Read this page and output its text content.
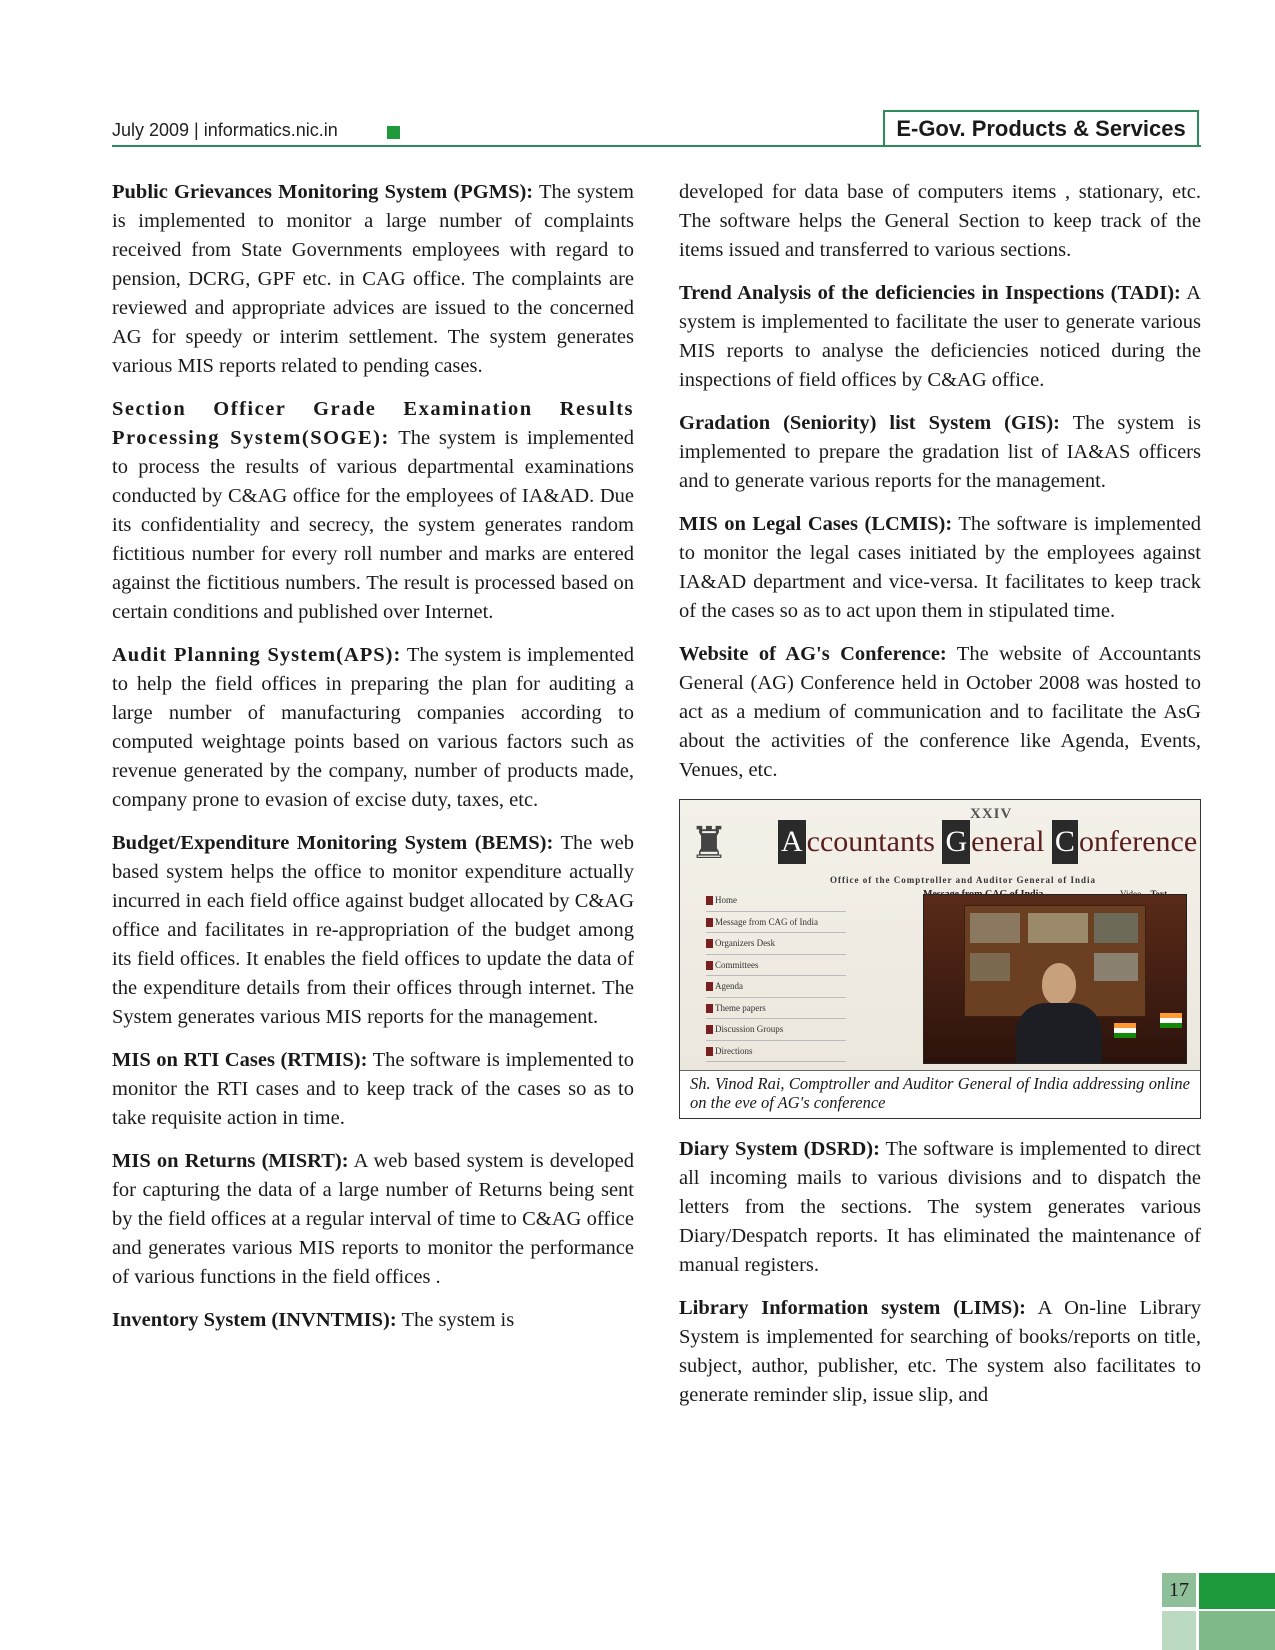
July 2009 | informatics.nic.in	E-Gov. Products & Services

Public Grievances Monitoring System (PGMS): The system is implemented to monitor a large number of complaints received from State Governments employees with regard to pension, DCRG, GPF etc. in CAG office. The complaints are reviewed and appropriate advices are issued to the concerned AG for speedy or interim settlement. The system generates various MIS reports related to pending cases.

Section Officer Grade Examination Results Processing System(SOGE): The system is implemented to process the results of various departmental examinations conducted by C&AG office for the employees of IA&AD. Due its confidentiality and secrecy, the system generates random fictitious number for every roll number and marks are entered against the fictitious numbers. The result is processed based on certain conditions and published over Internet.

Audit Planning System(APS): The system is implemented to help the field offices in preparing the plan for auditing a large number of manufacturing companies according to computed weightage points based on various factors such as revenue generated by the company, number of products made, company prone to evasion of excise duty, taxes, etc.

Budget/Expenditure Monitoring System (BEMS): The web based system helps the office to monitor expenditure actually incurred in each field office against budget allocated by C&AG office and facilitates in re-appropriation of the budget among its field offices. It enables the field offices to update the data of the expenditure details from their offices through internet. The System generates various MIS reports for the management.

MIS on RTI Cases (RTMIS): The software is implemented to monitor the RTI cases and to keep track of the cases so as to take requisite action in time.

MIS on Returns (MISRT): A web based system is developed for capturing the data of a large number of Returns being sent by the field offices at a regular interval of time to C&AG office and generates various MIS reports to monitor the performance of various functions in the field offices .

Inventory System (INVNTMIS): The system is

developed for data base of computers items , stationary, etc. The software helps the General Section to keep track of the items issued and transferred to various sections.

Trend Analysis of the deficiencies in Inspections (TADI): A system is implemented to facilitate the user to generate various MIS reports to analyse the deficiencies noticed during the inspections of field offices by C&AG office.

Gradation (Seniority) list System (GIS): The system is implemented to prepare the gradation list of IA&AS officers and to generate various reports for the management.

MIS on Legal Cases (LCMIS): The software is implemented to monitor the legal cases initiated by the employees against IA&AD department and vice-versa. It facilitates to keep track of the cases so as to act upon them in stipulated time.

Website of AG's Conference: The website of Accountants General (AG) Conference held in October 2008 was hosted to act as a medium of communication and to facilitate the AsG about the activities of the conference like Agenda, Events, Venues, etc.

♜
XXIV
A ccountants G eneral C onference
Office of the Comptroller and Auditor General of India

Home
Message from CAG of India
Organizers Desk
Committees
Agenda
Theme papers
Discussion Groups
Directions
Sh. Vinod Rai, Comptroller and Auditor General of India addressing online on the eve of AG's conference

Diary System (DSRD): The software is implemented to direct all incoming mails to various divisions and to dispatch the letters from the sections. The system generates various Diary/Despatch reports. It has eliminated the maintenance of manual registers.

Library Information system (LIMS): A On-line Library System is implemented for searching of books/reports on title, subject, author, publisher, etc. The system also facilitates to generate reminder slip, issue slip, and

17
